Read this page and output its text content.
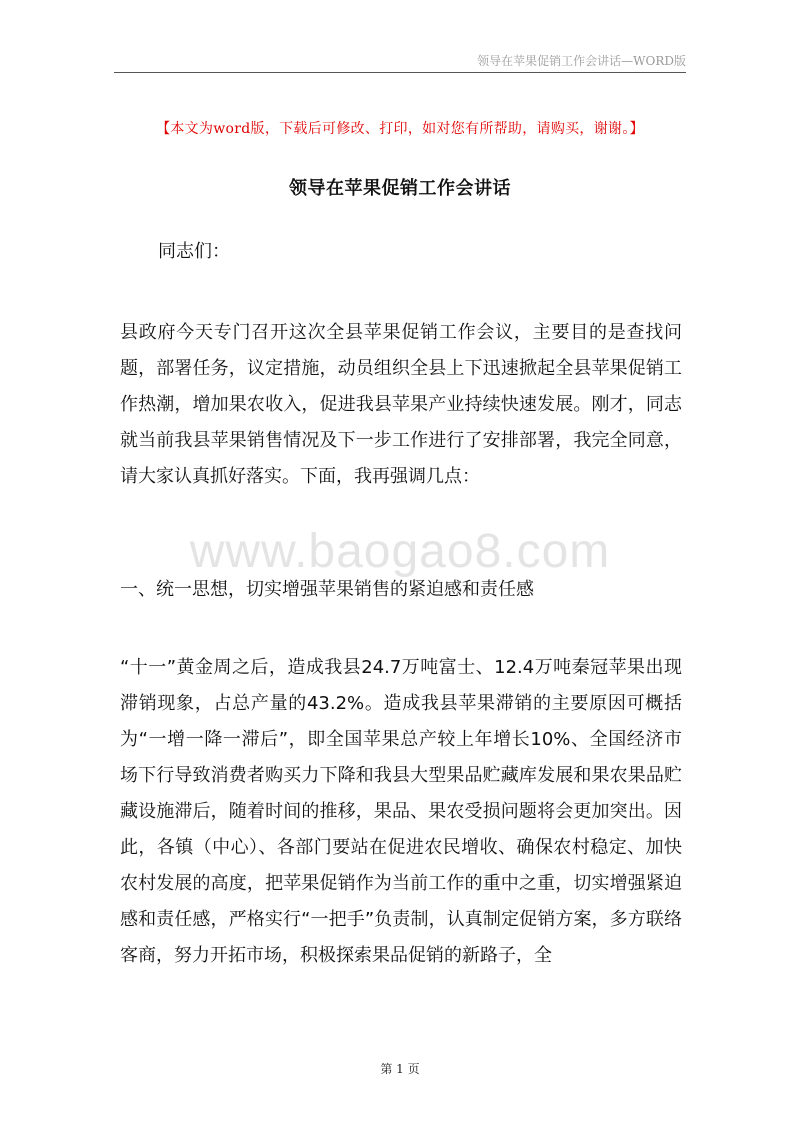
领导在苹果促销工作会讲话—WORD版
【本文为word版，下载后可修改、打印，如对您有所帮助，请购买，谢谢。】
领导在苹果促销工作会讲话
同志们：
县政府今天专门召开这次全县苹果促销工作会议，主要目的是查找问题，部署任务，议定措施，动员组织全县上下迅速掀起全县苹果促销工作热潮，增加果农收入，促进我县苹果产业持续快速发展。刚才，同志就当前我县苹果销售情况及下一步工作进行了安排部署，我完全同意，请大家认真抓好落实。下面，我再强调几点：
www.baogao8.com
一、统一思想，切实增强苹果销售的紧迫感和责任感
“十一”黄金周之后，造成我县24.7万吨富士、12.4万吨秦冠苹果出现滞销现象，占总产量的43.2%。造成我县苹果滞销的主要原因可概括为“一增一降一滞后”，即全国苹果总产较上年增长10%、全国经济市场下行导致消费者购买力下降和我县大型果品贮藏库发展和果农果品贮藏设施滞后，随着时间的推移，果品、果农受损问题将会更加突出。因此，各镇（中心）、各部门要站在促进农民增收、确保农村稳定、加快农村发展的高度，把苹果促销作为当前工作的重中之重，切实增强紧迫感和责任感，严格实行“一把手”负责制，认真制定促销方案，多方联络客商，努力开拓市场，积极探索果品促销的新路子，全
第 1 页
